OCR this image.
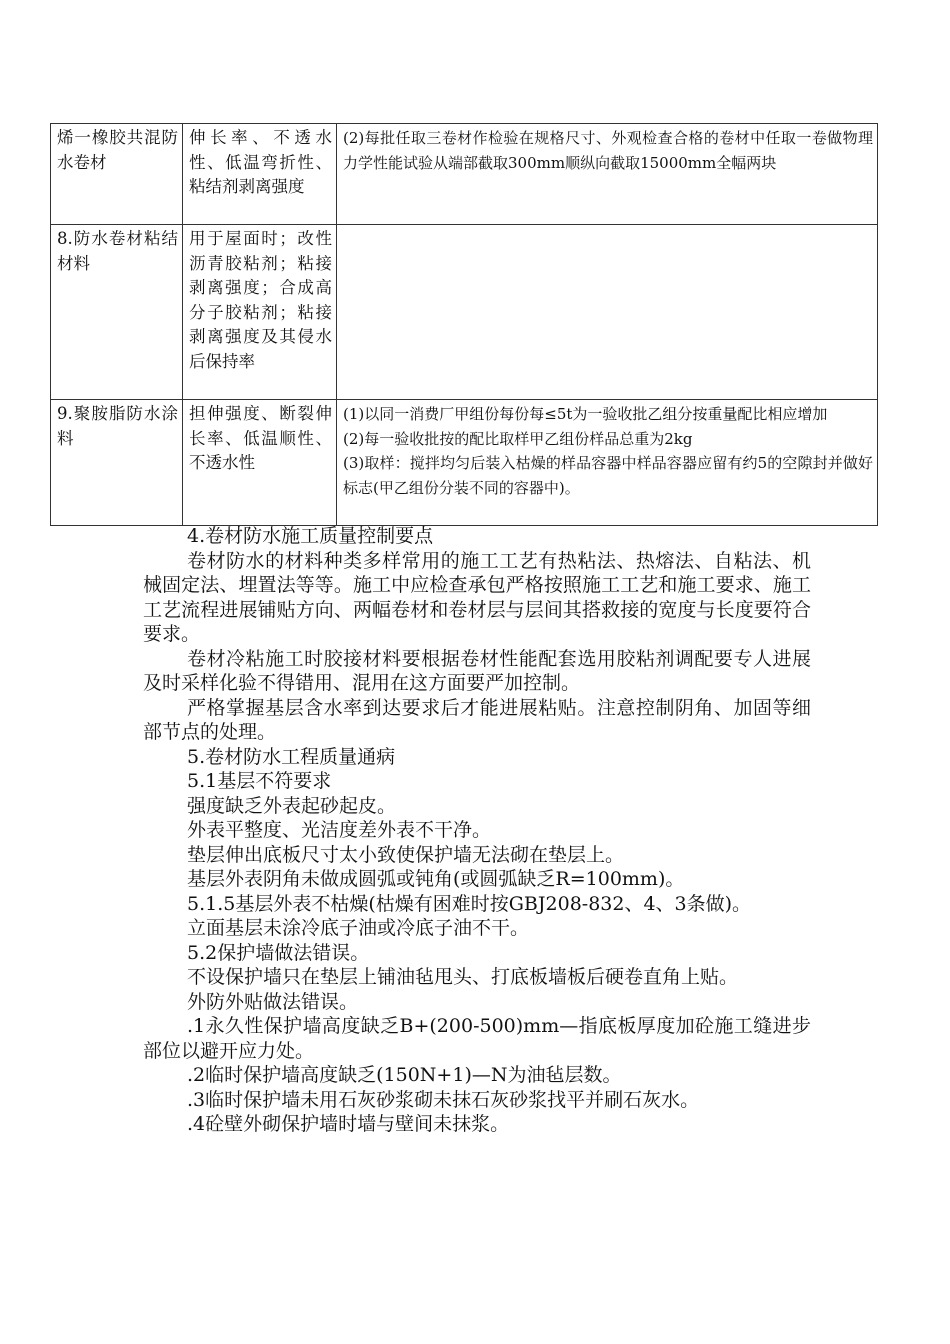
烯一橡胶共混防水卷材	伸长率、不透水性、低温弯折性、粘结剂剥离强度	(2)每批任取三卷材作检验在规格尺寸、外观检查合格的卷材中任取一卷做物理力学性能试验从端部截取300mm顺纵向截取15000mm全幅两块

8.防水卷材粘结材料	用于屋面时；改性沥青胶粘剂；粘接剥离强度；合成高分子胶粘剂；粘接剥离强度及其侵水后保持率	
9.聚胺脂防水涂料	担伸强度、断裂伸长率、低温顺性、不透水性	(1)以同一消费厂甲组份每份每≤5t为一验收批乙组分按重量配比相应增加
(2)每一验收批按的配比取样甲乙组份样品总重为2kg
(3)取样：搅拌均匀后装入枯燥的样品容器中样品容器应留有约5的空隙封并做好标志(甲乙组份分装不同的容器中)。

4.卷材防水施工质量控制要点

卷材防水的材料种类多样常用的施工工艺有热粘法、热熔法、自粘法、机械固定法、埋置法等等。施工中应检查承包严格按照施工工艺和施工要求、施工工艺流程进展铺贴方向、两幅卷材和卷材层与层间其搭救接的宽度与长度要符合要求。

卷材冷粘施工时胶接材料要根据卷材性能配套选用胶粘剂调配要专人进展及时采样化验不得错用、混用在这方面要严加控制。

严格掌握基层含水率到达要求后才能进展粘贴。注意控制阴角、加固等细部节点的处理。

5.卷材防水工程质量通病

5.1基层不符要求

强度缺乏外表起砂起皮。

外表平整度、光洁度差外表不干净。

垫层伸出底板尺寸太小致使保护墙无法砌在垫层上。

基层外表阴角未做成圆弧或钝角(或圆弧缺乏R=100mm)。

5.1.5基层外表不枯燥(枯燥有困难时按GBJ208-832、4、3条做)。

立面基层未涂冷底子油或冷底子油不干。

5.2保护墙做法错误。

不设保护墙只在垫层上铺油毡甩头、打底板墙板后硬卷直角上贴。

外防外贴做法错误。

.1永久性保护墙高度缺乏B+(200-500)mm—指底板厚度加砼施工缝进步部位以避开应力处。

.2临时保护墙高度缺乏(150N+1)—N为油毡层数。

.3临时保护墙未用石灰砂浆砌未抹石灰砂浆找平并刷石灰水。

.4砼壁外砌保护墙时墙与壁间未抹浆。
